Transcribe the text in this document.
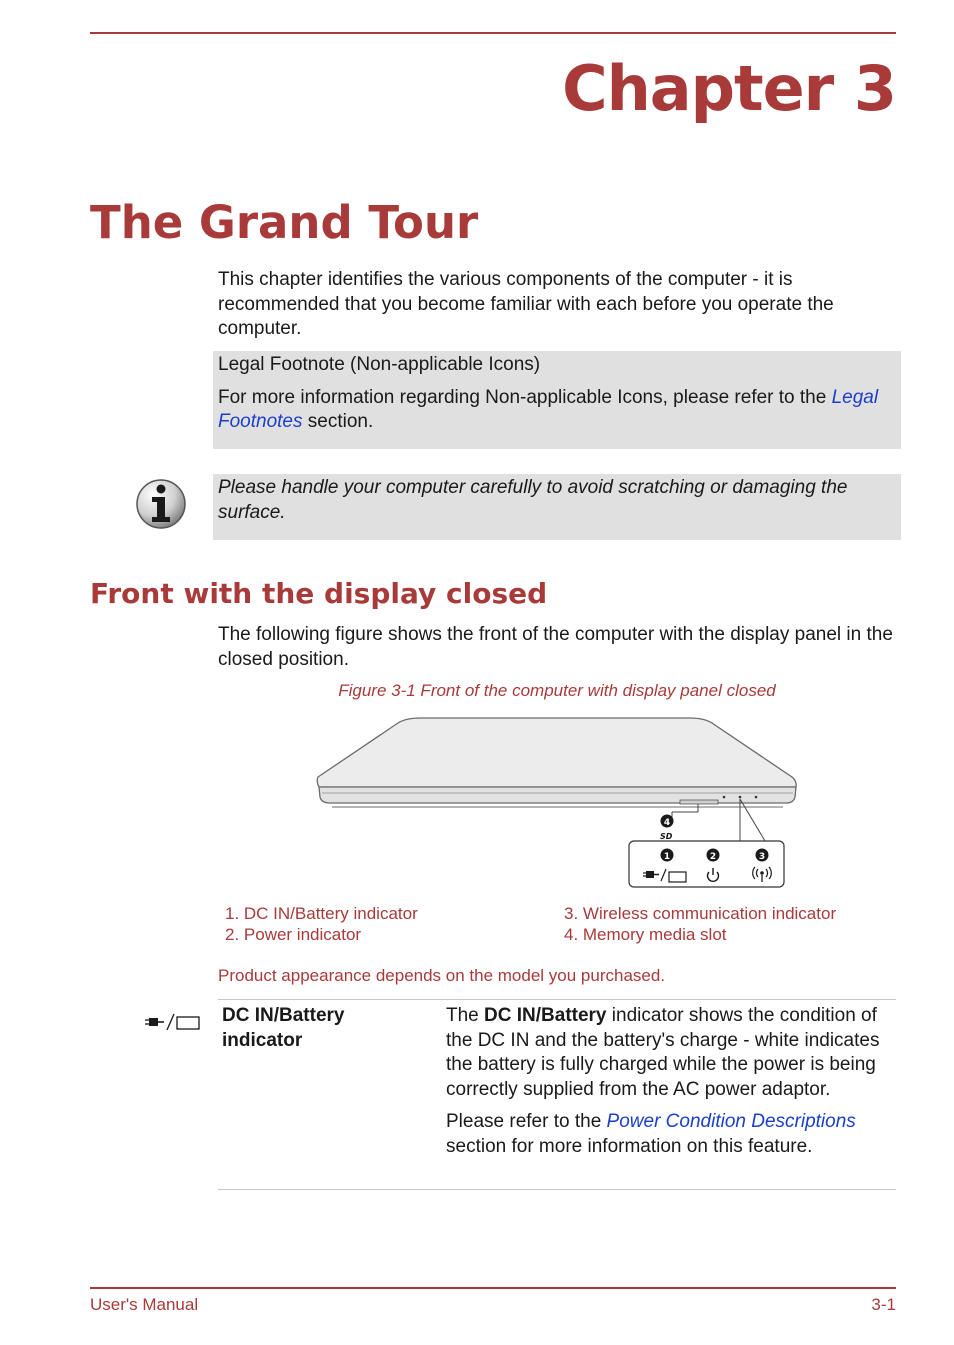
Chapter 3
The Grand Tour

This chapter identifies the various components of the computer - it is recommended that you become familiar with each before you operate the computer.

Legal Footnote (Non-applicable Icons)

For more information regarding Non-applicable Icons, please refer to the Legal Footnotes section.

Please handle your computer carefully to avoid scratching or damaging the surface.

Front with the display closed

The following figure shows the front of the computer with the display panel in the closed position.

Figure 3-1 Front of the computer with display panel closed

4
SD
1	2	3
1. DC IN/Battery indicator
2. Power indicator
3. Wireless communication indicator
4. Memory media slot

Product appearance depends on the model you purchased.

DC IN/Battery indicator

The DC IN/Battery indicator shows the condition of the DC IN and the battery's charge - white indicates the battery is fully charged while the power is being correctly supplied from the AC power adaptor.

Please refer to the Power Condition Descriptions section for more information on this feature.

User's Manual	3-1
